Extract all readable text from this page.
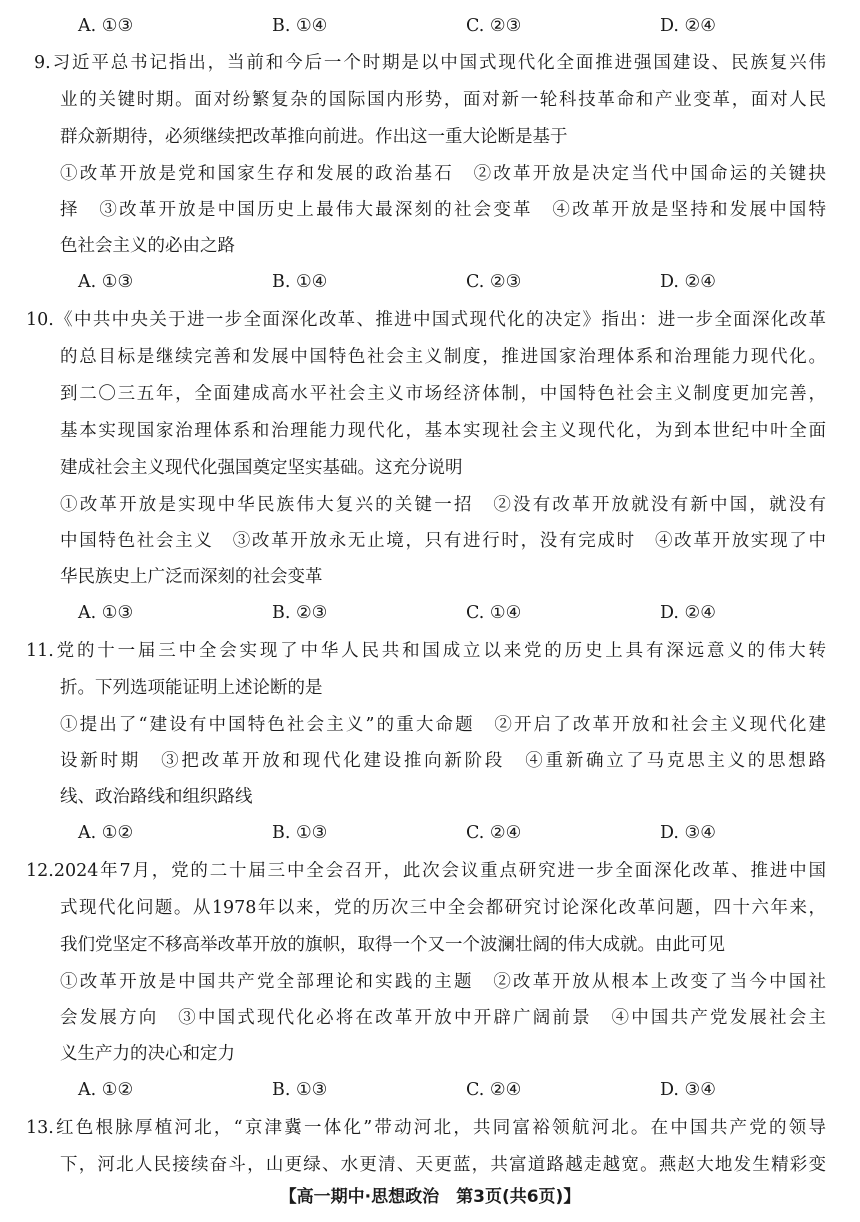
A. ①③	B. ①④	C. ②③	D. ②④
9.习近平总书记指出，当前和今后一个时期是以中国式现代化全面推进强国建设、民族复兴伟
业的关键时期。面对纷繁复杂的国际国内形势，面对新一轮科技革命和产业变革，面对人民
群众新期待，必须继续把改革推向前进。作出这一重大论断是基于
①改革开放是党和国家生存和发展的政治基石　②改革开放是决定当代中国命运的关键抉
择　③改革开放是中国历史上最伟大最深刻的社会变革　④改革开放是坚持和发展中国特
色社会主义的必由之路
A. ①③	B. ①④	C. ②③	D. ②④
10.《中共中央关于进一步全面深化改革、推进中国式现代化的决定》指出：进一步全面深化改革
的总目标是继续完善和发展中国特色社会主义制度，推进国家治理体系和治理能力现代化。
到二〇三五年，全面建成高水平社会主义市场经济体制，中国特色社会主义制度更加完善，
基本实现国家治理体系和治理能力现代化，基本实现社会主义现代化，为到本世纪中叶全面
建成社会主义现代化强国奠定坚实基础。这充分说明
①改革开放是实现中华民族伟大复兴的关键一招　②没有改革开放就没有新中国，就没有
中国特色社会主义　③改革开放永无止境，只有进行时，没有完成时　④改革开放实现了中
华民族史上广泛而深刻的社会变革
A. ①③	B. ②③	C. ①④	D. ②④
11.党的十一届三中全会实现了中华人民共和国成立以来党的历史上具有深远意义的伟大转
折。下列选项能证明上述论断的是
①提出了“建设有中国特色社会主义”的重大命题　②开启了改革开放和社会主义现代化建
设新时期　③把改革开放和现代化建设推向新阶段　④重新确立了马克思主义的思想路
线、政治路线和组织路线
A. ①②	B. ①③	C. ②④	D. ③④
12.2024年7月，党的二十届三中全会召开，此次会议重点研究进一步全面深化改革、推进中国
式现代化问题。从1978年以来，党的历次三中全会都研究讨论深化改革问题，四十六年来，
我们党坚定不移高举改革开放的旗帜，取得一个又一个波澜壮阔的伟大成就。由此可见
①改革开放是中国共产党全部理论和实践的主题　②改革开放从根本上改变了当今中国社
会发展方向　③中国式现代化必将在改革开放中开辟广阔前景　④中国共产党发展社会主
义生产力的决心和定力
A. ①②	B. ①③	C. ②④	D. ③④
13.红色根脉厚植河北，“京津冀一体化”带动河北，共同富裕领航河北。在中国共产党的领导
下，河北人民接续奋斗，山更绿、水更清、天更蓝，共富道路越走越宽。燕赵大地发生精彩变
【高一期中·思想政治　第3页(共6页)】
